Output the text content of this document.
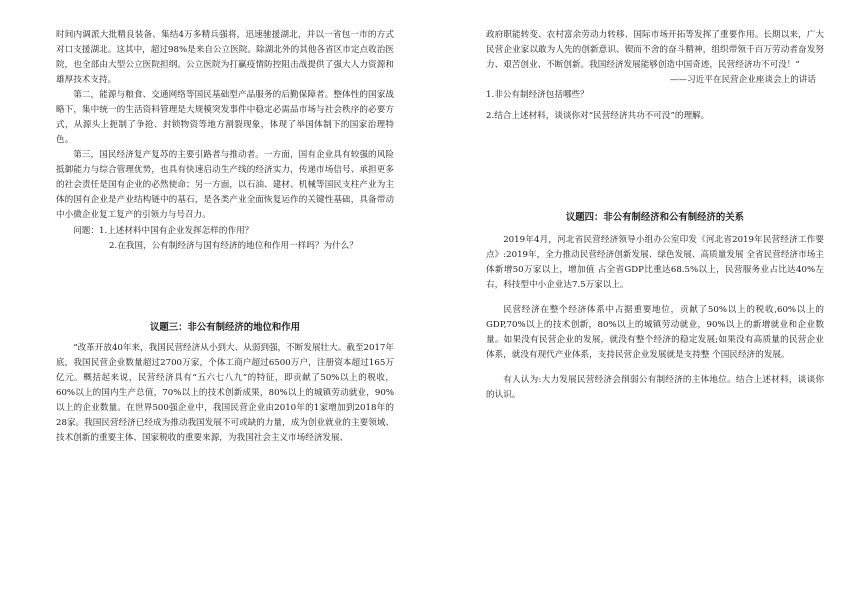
时间内调派大批精良装备、集结4万多精兵强将，迅速驰援湖北，并以一省包一市的方式对口支援湖北。这其中，超过98%是来自公立医院。除湖北外的其他各省区市定点收治医院，也全部由大型公立医院担纲。公立医院为打赢疫情防控阻击战提供了强大人力资源和雄厚技术支持。

第二，能源与粮食、交通网络等国民基础型产品服务的后勤保障者。整体性的国家战略下，集中统一的生活资料管理是大规模突发事件中稳定必需品市场与社会秩序的必要方式，从源头上扼制了争抢、封锁物资等地方割裂现象，体现了举国体制下的国家治理特色。

第三，国民经济复产复苏的主要引路者与推动者。一方面，国有企业具有较强的风险抵御能力与综合管理优势，也具有快速启动生产线的经济实力，传递市场信号、承担更多的社会责任是国有企业的必然使命；另一方面，以石油、建材、机械等国民支柱产业为主体的国有企业是产业结构链中的基石，是各类产业全面恢复运作的关键性基础，具备带动中小微企业复工复产的引领力与号召力。

问题：1.上述材料中国有企业发挥怎样的作用？

2.在我国，公有制经济与国有经济的地位和作用一样吗？为什么？

议题三：非公有制经济的地位和作用

“改革开放40年来，我国民营经济从小到大、从弱到强，不断发展壮大。截至2017年底，我国民营企业数量超过2700万家，个体工商户超过6500万户，注册资本超过165万亿元。概括起来说，民营经济具有“五六七八九”的特征，即贡献了50%以上的税收，60%以上的国内生产总值，70%以上的技术创新成果，80%以上的城镇劳动就业，90%以上的企业数量。在世界500强企业中，我国民营企业由2010年的1家增加到2018年的28家。我国民营经济已经成为推动我国发展不可或缺的力量，成为创业就业的主要领域、技术创新的重要主体、国家税收的重要来源，为我国社会主义市场经济发展、

政府职能转变、农村富余劳动力转移、国际市场开拓等发挥了重要作用。长期以来，广大民营企业家以敢为人先的创新意识、锲而不舍的奋斗精神，组织带领千百万劳动者奋发努力、艰苦创业、不断创新。我国经济发展能够创造中国奇迹，民营经济功不可没！”

——习近平在民营企业座谈会上的讲话

1.非公有制经济包括哪些？

2.结合上述材料，谈谈你对“民营经济共功不可没”的理解。

议题四：非公有制经济和公有制经济的关系

2019年4月，河北省民营经济领导小组办公室印发《河北省2019年民营经济工作要点》:2019年，全力推动民营经济创新发展、绿色发展、高质量发展 全省民营经济市场主体新增50万家以上，增加值 占全省GDP比重达68.5%以上，民营服务业占比达40%左右，科技型中小企业达7.5万家以上。

民营经济在整个经济体系中占据重要地位，贡献了50%以上的税收,60%以上的GDP,70%以上的技术创新，80%以上的城镇劳动就业，90%以上的新增就业和企业数量。如果没有民营企业的发展，就没有整个经济的稳定发展;如果没有高质量的民营企业体系，就没有现代产业体系，支持民营企业发展就是支持整 个国民经济的发展。

有人认为:大力发展民营经济会削弱公有制经济的主体地位。结合上述材料，谈谈你的认识。
